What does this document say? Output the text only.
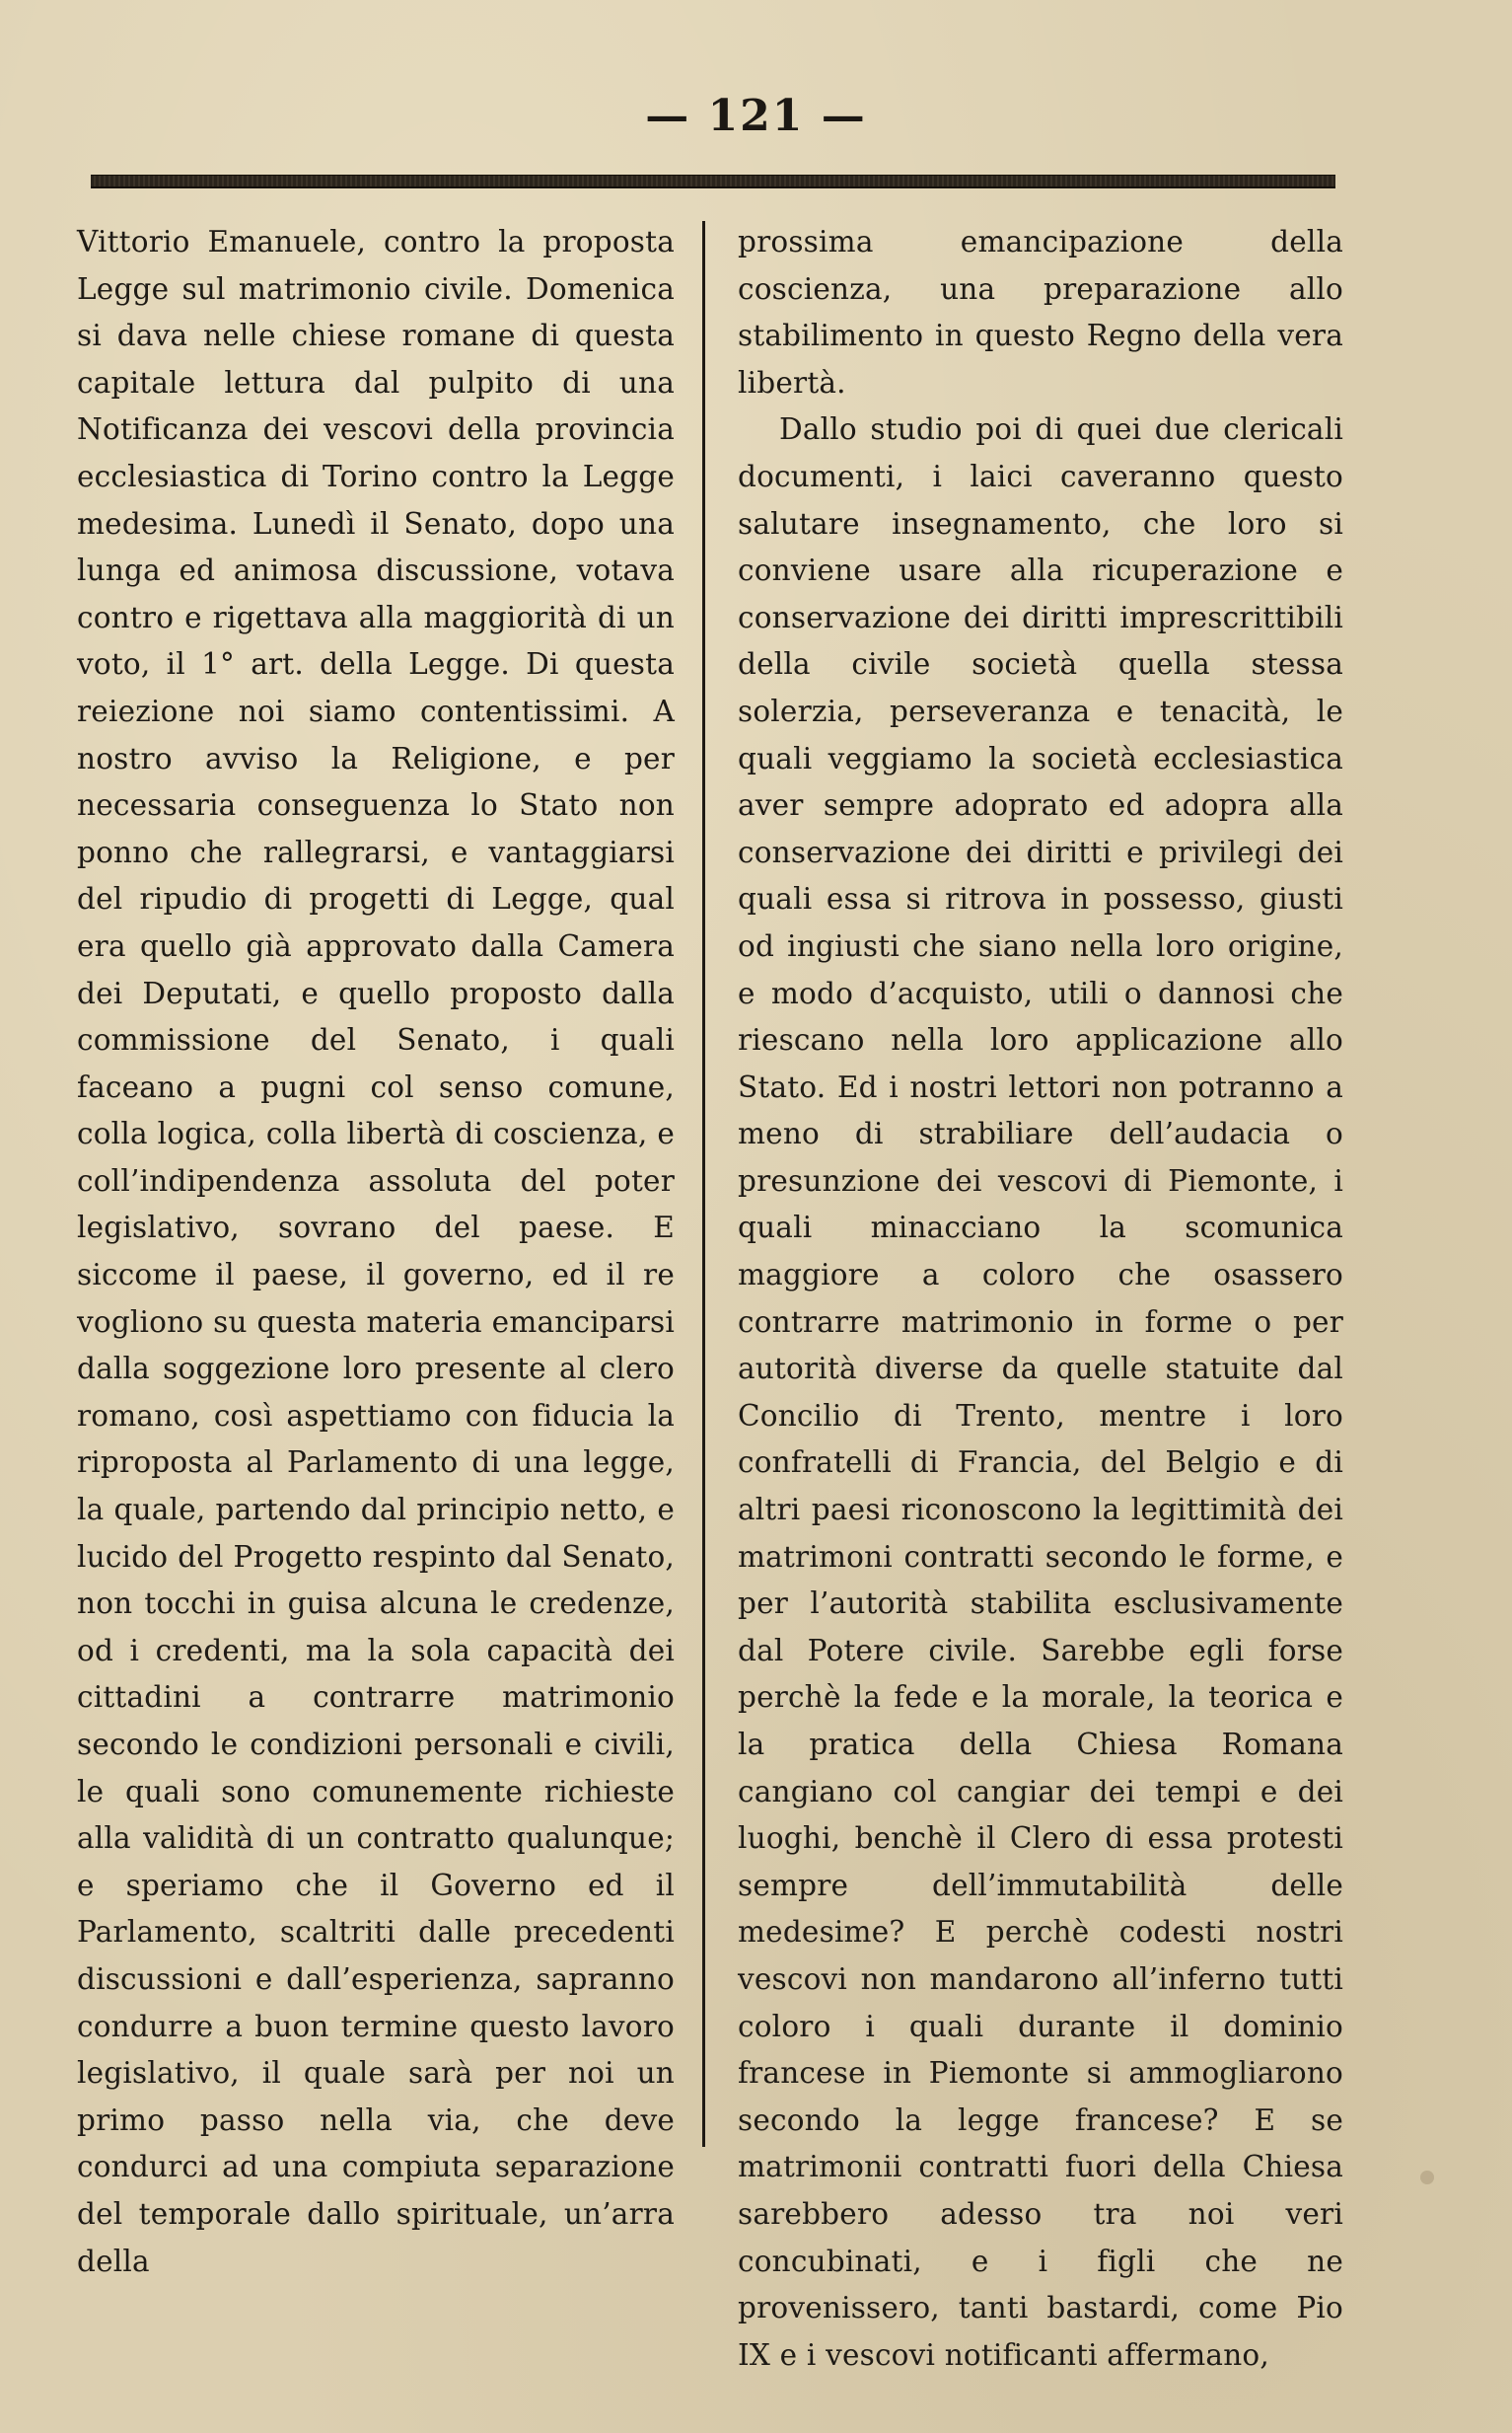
— 121 —

Vittorio Emanuele, contro la proposta Legge sul matrimonio civile. Domenica si dava nelle chiese romane di questa capitale lettura dal pulpito di una Notificanza dei vescovi della provincia ecclesiastica di Torino contro la Legge medesima. Lunedì il Senato, dopo una lunga ed animosa discussione, votava contro e rigettava alla maggiorità di un voto, il 1° art. della Legge. Di questa reiezione noi siamo contentissimi. A nostro avviso la Religione, e per necessaria conseguenza lo Stato non ponno che rallegrarsi, e vantaggiarsi del ripudio di progetti di Legge, qual era quello già approvato dalla Camera dei Deputati, e quello proposto dalla commissione del Senato, i quali faceano a pugni col senso comune, colla logica, colla libertà di coscienza, e coll’indipendenza assoluta del poter legislativo, sovrano del paese. E siccome il paese, il governo, ed il re vogliono su questa materia emanciparsi dalla soggezione loro presente al clero romano, così aspettiamo con fiducia la riproposta al Parlamento di una legge, la quale, partendo dal principio netto, e lucido del Progetto respinto dal Senato, non tocchi in guisa alcuna le credenze, od i credenti, ma la sola capacità dei cittadini a contrarre matrimonio secondo le condizioni personali e civili, le quali sono comunemente richieste alla validità di un contratto qualunque; e speriamo che il Governo ed il Parlamento, scaltriti dalle precedenti discussioni e dall’esperienza, sapranno condurre a buon termine questo lavoro legislativo, il quale sarà per noi un primo passo nella via, che deve condurci ad una compiuta separazione del temporale dallo spirituale, un’arra della

prossima emancipazione della coscienza, una preparazione allo stabilimento in questo Regno della vera libertà.

Dallo studio poi di quei due clericali documenti, i laici caveranno questo salutare insegnamento, che loro si conviene usare alla ricuperazione e conservazione dei diritti imprescrittibili della civile società quella stessa solerzia, perseveranza e tenacità, le quali veggiamo la società ecclesiastica aver sempre adoprato ed adopra alla conservazione dei diritti e privilegi dei quali essa si ritrova in possesso, giusti od ingiusti che siano nella loro origine, e modo d’acquisto, utili o dannosi che riescano nella loro applicazione allo Stato. Ed i nostri lettori non potranno a meno di strabiliare dell’audacia o presunzione dei vescovi di Piemonte, i quali minacciano la scomunica maggiore a coloro che osassero contrarre matrimonio in forme o per autorità diverse da quelle statuite dal Concilio di Trento, mentre i loro confratelli di Francia, del Belgio e di altri paesi riconoscono la legittimità dei matrimoni contratti secondo le forme, e per l’autorità stabilita esclusivamente dal Potere civile. Sarebbe egli forse perchè la fede e la morale, la teorica e la pratica della Chiesa Romana cangiano col cangiar dei tempi e dei luoghi, benchè il Clero di essa protesti sempre dell’immutabilità delle medesime? E perchè codesti nostri vescovi non mandarono all’inferno tutti coloro i quali durante il dominio francese in Piemonte si ammogliarono secondo la legge francese? E se matrimonii contratti fuori della Chiesa sarebbero adesso tra noi veri concubinati, e i figli che ne provenissero, tanti bastardi, come Pio IX e i vescovi notificanti affermano,
